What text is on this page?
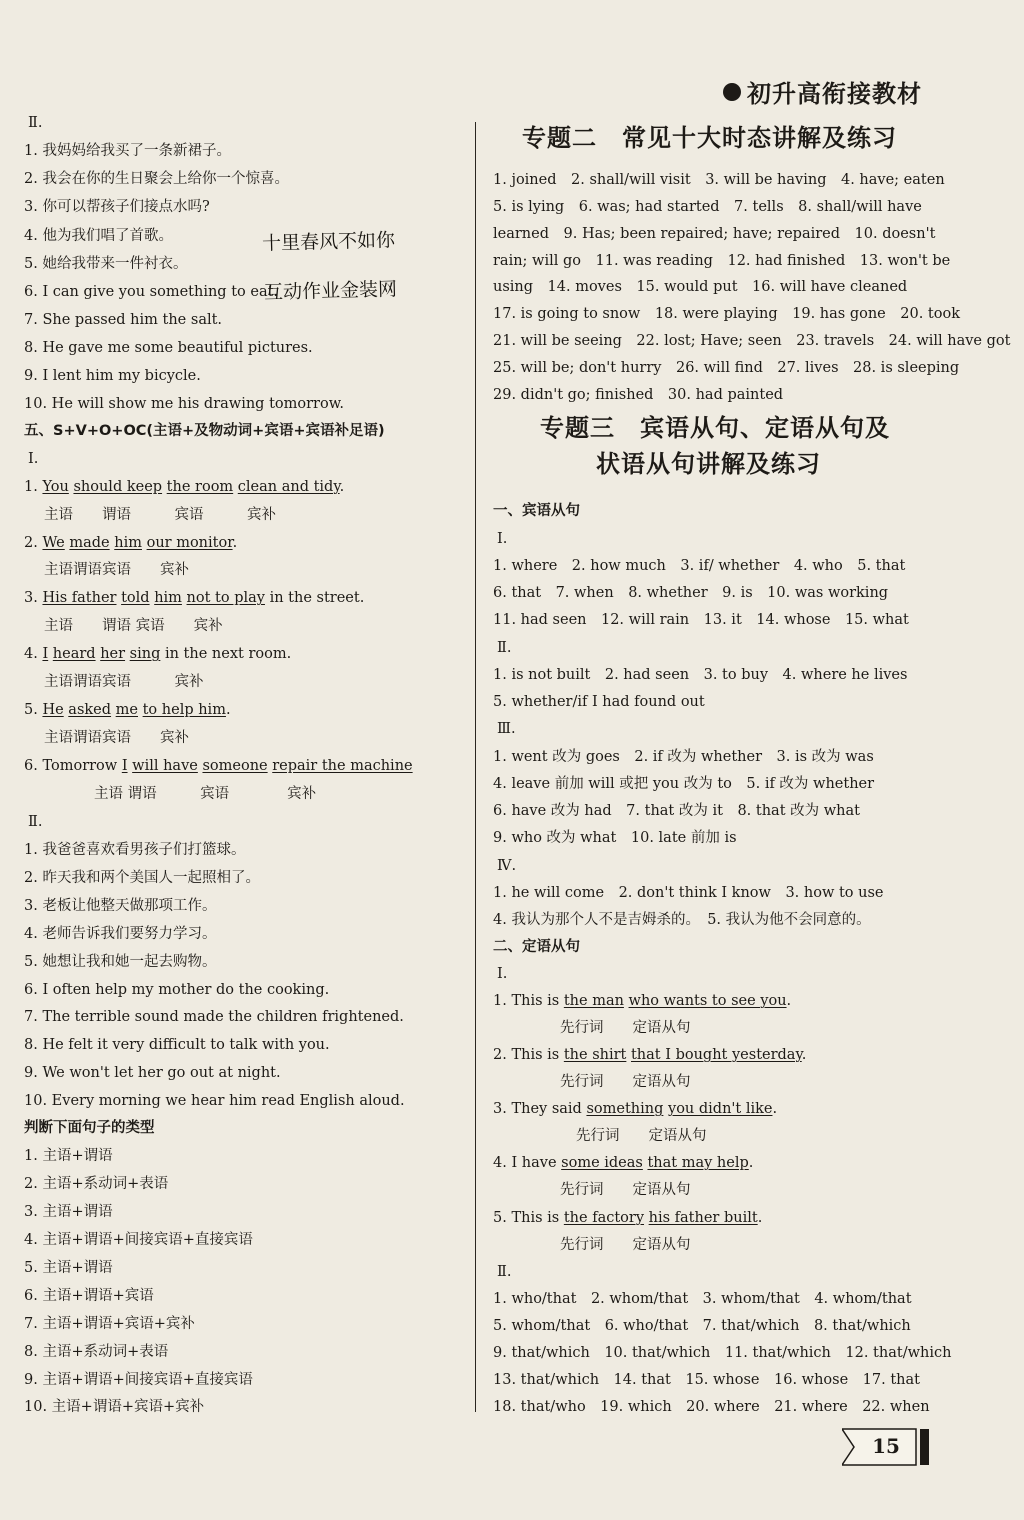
初升高衔接教材
Ⅱ.
1. 我妈妈给我买了一条新裙子。
2. 我会在你的生日聚会上给你一个惊喜。
3. 你可以帮孩子们接点水吗?
4. 他为我们唱了首歌。
5. 她给我带来一件衬衣。
6. I can give you something to eat.
7. She passed him the salt.
8. He gave me some beautiful pictures.
9. I lent him my bicycle.
10. He will show me his drawing tomorrow.
五、S+V+O+OC(主语+及物动词+宾语+宾语补足语)
Ⅰ.
1. You should keep the room clean and tidy.
主语　　谓语　　　宾语　　　宾补
2. We made him our monitor.
主语谓语宾语　　宾补
3. His father told him not to play in the street.
主语　　谓语 宾语　　宾补
4. I heard her sing in the next room.
主语谓语宾语　　　宾补
5. He asked me to help him.
主语谓语宾语　　宾补
6. Tomorrow I will have someone repair the machine
主语 谓语　　　宾语　　　　宾补
Ⅱ.
1. 我爸爸喜欢看男孩子们打篮球。
2. 昨天我和两个美国人一起照相了。
3. 老板让他整天做那项工作。
4. 老师告诉我们要努力学习。
5. 她想让我和她一起去购物。
6. I often help my mother do the cooking.
7. The terrible sound made the children frightened.
8. He felt it very difficult to talk with you.
9. We won't let her go out at night.
10. Every morning we hear him read English aloud.
判断下面句子的类型
1. 主语+谓语
2. 主语+系动词+表语
3. 主语+谓语
4. 主语+谓语+间接宾语+直接宾语
5. 主语+谓语
6. 主语+谓语+宾语
7. 主语+谓语+宾语+宾补
8. 主语+系动词+表语
9. 主语+谓语+间接宾语+直接宾语
10. 主语+谓语+宾语+宾补
十里春风不如你
互动作业金装网
专题二　常见十大时态讲解及练习
1. joined　2. shall/will visit　3. will be having　4. have; eaten
5. is lying　6. was; had started　7. tells　8. shall/will have
learned　9. Has; been repaired; have; repaired　10. doesn't
rain; will go　11. was reading　12. had finished　13. won't be
using　14. moves　15. would put　16. will have cleaned
17. is going to snow　18. were playing　19. has gone　20. took
21. will be seeing　22. lost; Have; seen　23. travels　24. will have got
25. will be; don't hurry　26. will find　27. lives　28. is sleeping
29. didn't go; finished　30. had painted
专题三　宾语从句、定语从句及
状语从句讲解及练习
一、宾语从句
Ⅰ.
1. where　2. how much　3. if/ whether　4. who　5. that
6. that　7. when　8. whether　9. is　10. was working
11. had seen　12. will rain　13. it　14. whose　15. what
Ⅱ.
1. is not built　2. had seen　3. to buy　4. where he lives
5. whether/if I had found out
Ⅲ.
1. went 改为 goes　2. if 改为 whether　3. is 改为 was
4. leave 前加 will 或把 you 改为 to　5. if 改为 whether
6. have 改为 had　7. that 改为 it　8. that 改为 what
9. who 改为 what　10. late 前加 is
Ⅳ.
1. he will come　2. don't think I know　3. how to use
4. 我认为那个人不是吉姆杀的。　5. 我认为他不会同意的。
二、定语从句
Ⅰ.
1. This is the man who wants to see you.
先行词　　定语从句
2. This is the shirt that I bought yesterday.
先行词　　定语从句
3. They said something you didn't like.
先行词　　定语从句
4. I have some ideas that may help.
先行词　　定语从句
5. This is the factory his father built.
先行词　　定语从句
Ⅱ.
1. who/that　2. whom/that　3. whom/that　4. whom/that
5. whom/that　6. who/that　7. that/which　8. that/which
9. that/which　10. that/which　11. that/which　12. that/which
13. that/which　14. that　15. whose　16. whose　17. that
18. that/who　19. which　20. where　21. where　22. when
15
